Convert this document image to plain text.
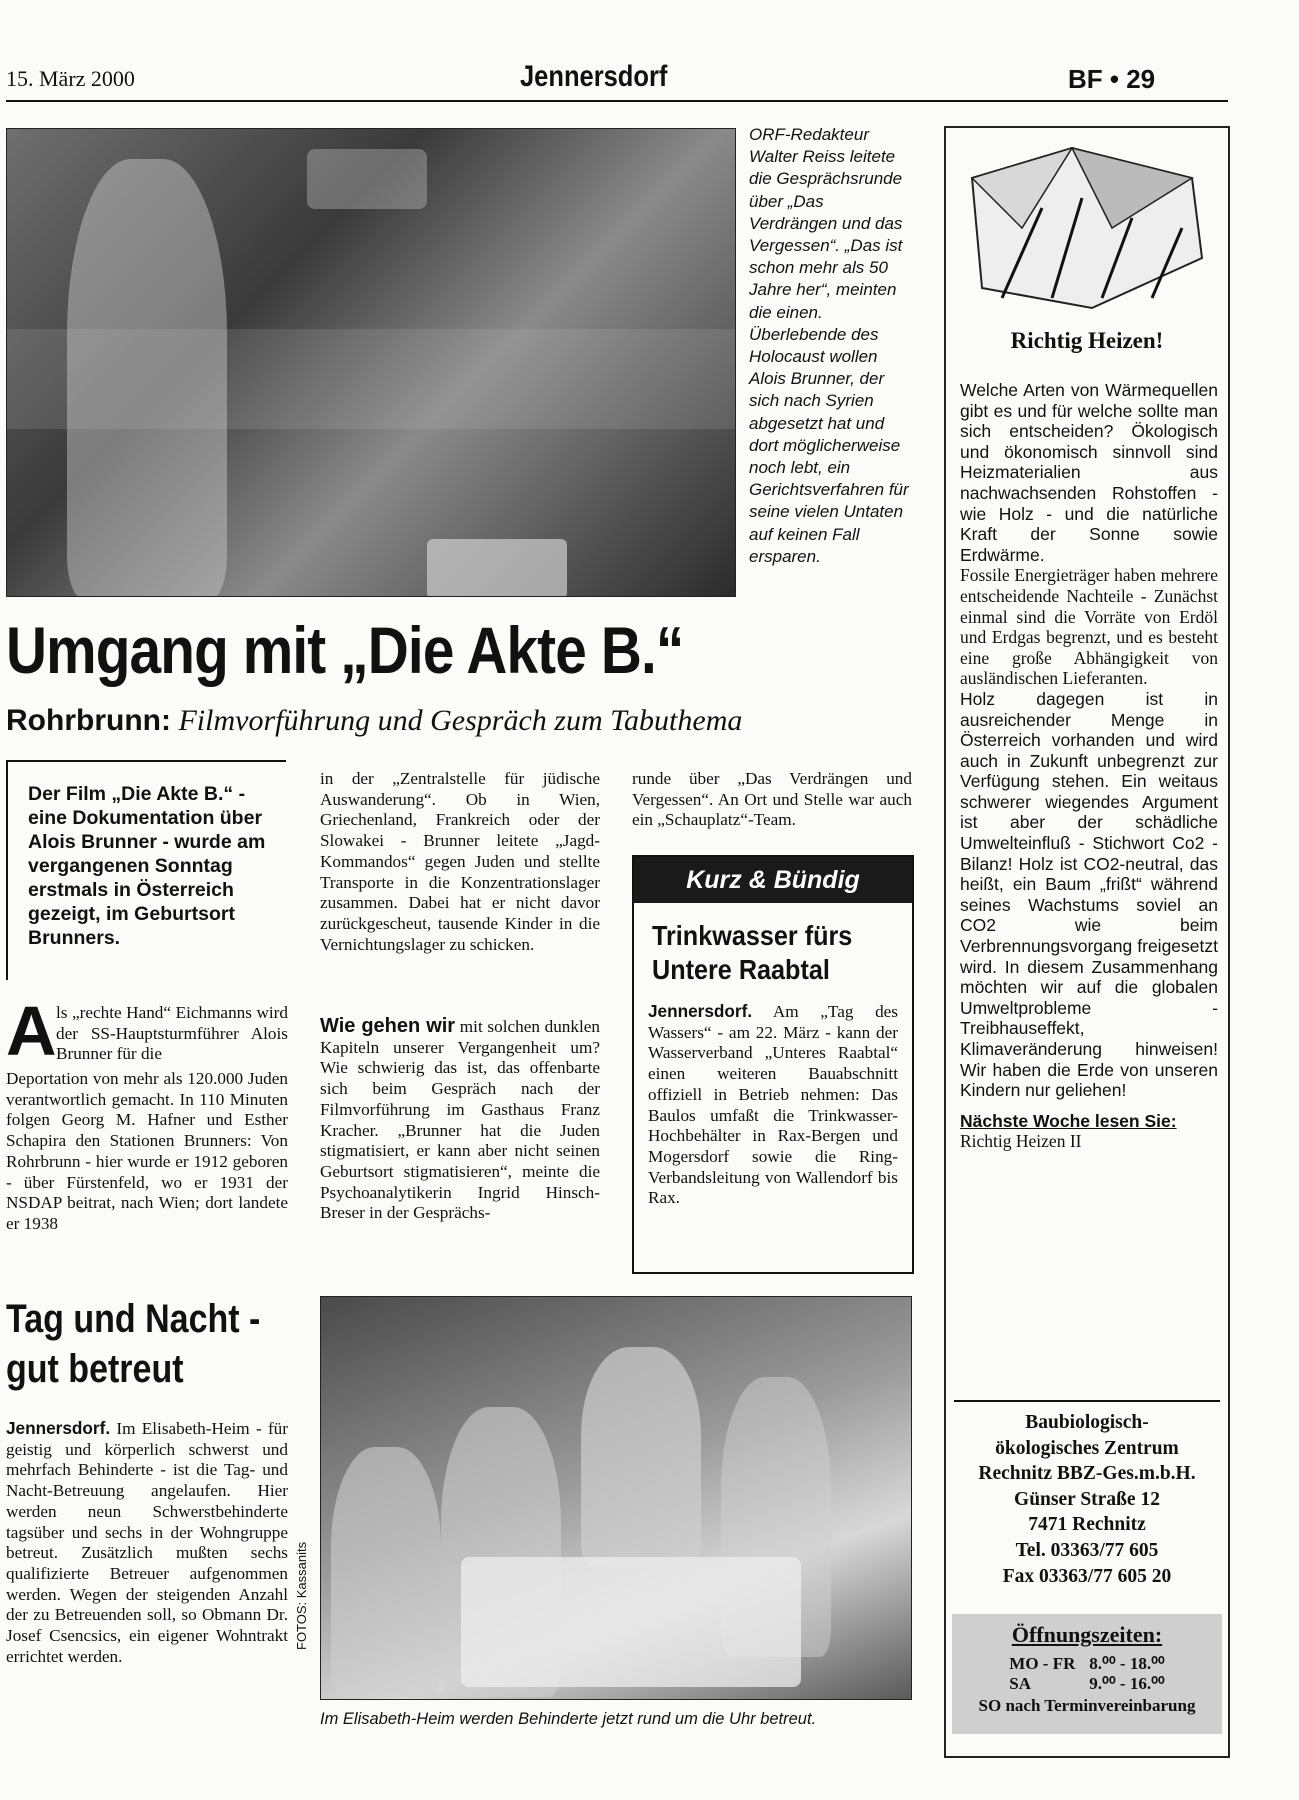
15. März 2000	Jennersdorf	BF • 29
ORF-Redakteur Walter Reiss leitete die Gesprächsrunde über „Das Verdrängen und das Vergessen“. „Das ist schon mehr als 50 Jahre her“, meinten die einen. Überlebende des Holocaust wollen Alois Brunner, der sich nach Syrien abgesetzt hat und dort möglicherweise noch lebt, ein Gerichtsverfahren für seine vielen Untaten auf keinen Fall ersparen.
Umgang mit „Die Akte B.“
Rohrbrunn: Filmvorführung und Gespräch zum Tabuthema
Der Film „Die Akte B.“ - eine Dokumentation über Alois Brunner - wurde am vergangenen Sonntag erstmals in Österreich gezeigt, im Geburtsort Brunners.
A ls „rechte Hand“ Eichmanns wird der SS-Hauptsturmführer Alois Brunner für die
Deportation von mehr als 120.000 Juden verantwortlich gemacht. In 110 Minuten folgen Georg M. Hafner und Esther Schapira den Stationen Brunners: Von Rohrbrunn - hier wurde er 1912 geboren - über Fürstenfeld, wo er 1931 der NSDAP beitrat, nach Wien; dort landete er 1938
in der „Zentralstelle für jüdische Auswanderung“. Ob in Wien, Griechenland, Frankreich oder der Slowakei - Brunner leitete „Jagd-Kommandos“ gegen Juden und stellte Transporte in die Konzentrationslager zusammen. Dabei hat er nicht davor zurückgescheut, tausende Kinder in die Vernichtungslager zu schicken.
Wie gehen wir mit solchen dunklen Kapiteln unserer Vergangenheit um? Wie schwierig das ist, das offenbarte sich beim Gespräch nach der Filmvorführung im Gasthaus Franz Kracher. „Brunner hat die Juden stigmatisiert, er kann aber nicht seinen Geburtsort stigmatisieren“, meinte die Psychoanalytikerin Ingrid Hinsch-Breser in der Gesprächs-
runde über „Das Verdrängen und Vergessen“. An Ort und Stelle war auch ein „Schauplatz“-Team.
Kurz & Bündig
Trinkwasser fürs Untere Raabtal
Jennersdorf. Am „Tag des Wassers“ - am 22. März - kann der Wasserverband „Unteres Raabtal“ einen weiteren Bauabschnitt offiziell in Betrieb nehmen: Das Baulos umfaßt die Trinkwasser-Hochbehälter in Rax-Bergen und Mogersdorf sowie die Ring-Verbandsleitung von Wallendorf bis Rax.
Tag und Nacht - gut betreut
Jennersdorf. Im Elisabeth-Heim - für geistig und körperlich schwerst und mehrfach Behinderte - ist die Tag- und Nacht-Betreuung angelaufen. Hier werden neun Schwerstbehinderte tagsüber und sechs in der Wohngruppe betreut. Zusätzlich mußten sechs qualifizierte Betreuer aufgenommen werden. Wegen der steigenden Anzahl der zu Betreuenden soll, so Obmann Dr. Josef Csencsics, ein eigener Wohntrakt errichtet werden.
FOTOS: Kassanits
Im Elisabeth-Heim werden Behinderte jetzt rund um die Uhr betreut.
Richtig Heizen!
Welche Arten von Wärmequellen gibt es und für welche sollte man sich entscheiden? Ökologisch und ökonomisch sinnvoll sind Heizmaterialien aus nachwachsenden Rohstoffen - wie Holz - und die natürliche Kraft der Sonne sowie Erdwärme.
Fossile Energieträger haben mehrere entscheidende Nachteile - Zunächst einmal sind die Vorräte von Erdöl und Erdgas begrenzt, und es besteht eine große Abhängigkeit von ausländischen Lieferanten.
Holz dagegen ist in ausreichender Menge in Österreich vorhanden und wird auch in Zukunft unbegrenzt zur Verfügung stehen. Ein weitaus schwerer wiegendes Argument ist aber der schädliche Umwelteinfluß - Stichwort Co2 - Bilanz! Holz ist CO2-neutral, das heißt, ein Baum „frißt“ während seines Wachstums soviel an CO2 wie beim Verbrennungsvorgang freigesetzt wird. In diesem Zusammenhang möchten wir auf die globalen Umweltprobleme - Treibhauseffekt, Klimaveränderung hinweisen! Wir haben die Erde von unseren Kindern nur geliehen!
Nächste Woche lesen Sie:
Richtig Heizen II
Baubiologisch-
ökologisches Zentrum
Rechnitz BBZ-Ges.m.b.H.
Günser Straße 12
7471 Rechnitz
Tel. 03363/77 605
Fax 03363/77 605 20
Öffnungszeiten:
MO - FR 8.⁰⁰ - 18.⁰⁰
SA	9.⁰⁰ - 16.⁰⁰
SO nach Terminvereinbarung
